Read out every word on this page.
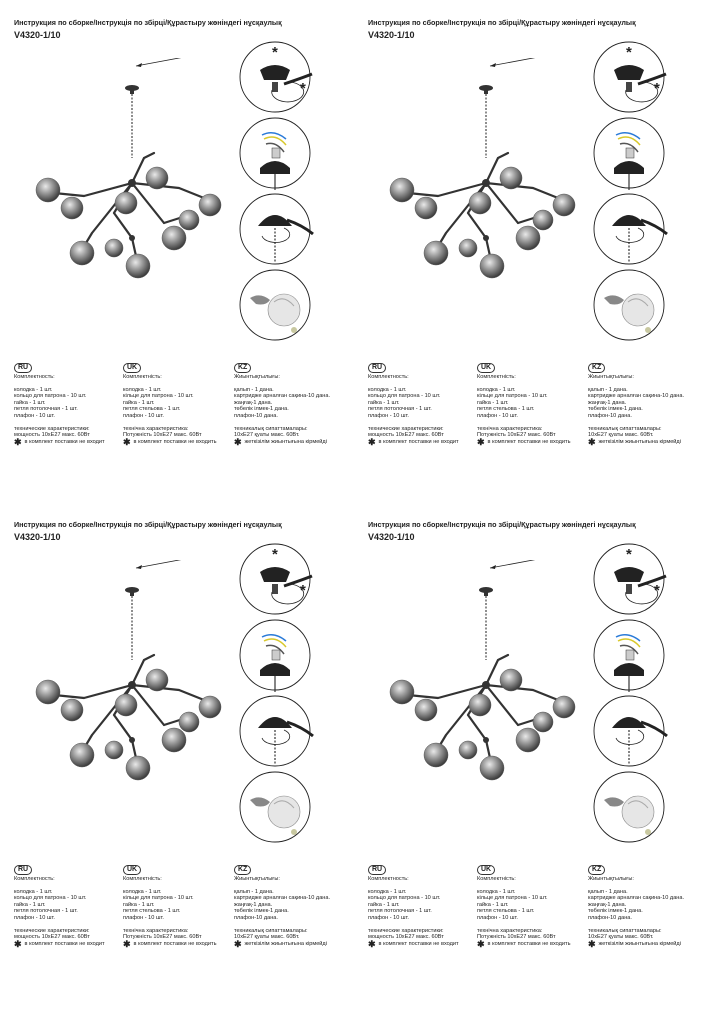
Инструкция по сборке/Інструкція по збірці/Құрастыру жөніндегі нұсқаулық
V4320-1/10
*
*
RU
Комплектность:
колодка - 1 шт.
кольцо для патрона - 10 шт.
гайка - 1 шт.
петля потолочная - 1 шт.
плафон - 10 шт.
технические характеристики:
мощность 10xE27 макс. 60Вт
✱ в комплект поставки не входит
UK
Комплектність:
колодка - 1 шт.
кільце для патрона - 10 шт.
гайка - 1 шт.
петля стельова - 1 шт.
плафон - 10 шт.
технічна характеристика:
Потужність 10xE27 макс. 60Вт
✱ в комплект поставки не входить
KZ
Жиынтықтылығы:
қалып - 1 дана.
картридже арналған сақина-10 дана.
жаңғақ-1 дана.
төбелік ілмек-1 дана.
плафон-10 дана.
техникалық сипаттамалары:
10xE27 қуаты макс. 60Вт.
✱ жеткізілім жиынтығына кірмейді
Инструкция по сборке/Інструкція по збірці/Құрастыру жөніндегі нұсқаулық
V4320-1/10
*
*
RU
Комплектность:
колодка - 1 шт.
кольцо для патрона - 10 шт.
гайка - 1 шт.
петля потолочная - 1 шт.
плафон - 10 шт.
технические характеристики:
мощность 10xE27 макс. 60Вт
✱ в комплект поставки не входит
UK
Комплектність:
колодка - 1 шт.
кільце для патрона - 10 шт.
гайка - 1 шт.
петля стельова - 1 шт.
плафон - 10 шт.
технічна характеристика:
Потужність 10xE27 макс. 60Вт
✱ в комплект поставки не входить
KZ
Жиынтықтылығы:
қалып - 1 дана.
картридже арналған сақина-10 дана.
жаңғақ-1 дана.
төбелік ілмек-1 дана.
плафон-10 дана.
техникалық сипаттамалары:
10xE27 қуаты макс. 60Вт.
✱ жеткізілім жиынтығына кірмейді
Инструкция по сборке/Інструкція по збірці/Құрастыру жөніндегі нұсқаулық
V4320-1/10
*
*
RU
Комплектность:
колодка - 1 шт.
кольцо для патрона - 10 шт.
гайка - 1 шт.
петля потолочная - 1 шт.
плафон - 10 шт.
технические характеристики:
мощность 10xE27 макс. 60Вт
✱ в комплект поставки не входит
UK
Комплектність:
колодка - 1 шт.
кільце для патрона - 10 шт.
гайка - 1 шт.
петля стельова - 1 шт.
плафон - 10 шт.
технічна характеристика:
Потужність 10xE27 макс. 60Вт
✱ в комплект поставки не входить
KZ
Жиынтықтылығы:
қалып - 1 дана.
картридже арналған сақина-10 дана.
жаңғақ-1 дана.
төбелік ілмек-1 дана.
плафон-10 дана.
техникалық сипаттамалары:
10xE27 қуаты макс. 60Вт.
✱ жеткізілім жиынтығына кірмейді
Инструкция по сборке/Інструкція по збірці/Құрастыру жөніндегі нұсқаулық
V4320-1/10
*
*
RU
Комплектность:
колодка - 1 шт.
кольцо для патрона - 10 шт.
гайка - 1 шт.
петля потолочная - 1 шт.
плафон - 10 шт.
технические характеристики:
мощность 10xE27 макс. 60Вт
✱ в комплект поставки не входит
UK
Комплектність:
колодка - 1 шт.
кільце для патрона - 10 шт.
гайка - 1 шт.
петля стельова - 1 шт.
плафон - 10 шт.
технічна характеристика:
Потужність 10xE27 макс. 60Вт
✱ в комплект поставки не входить
KZ
Жиынтықтылығы:
қалып - 1 дана.
картридже арналған сақина-10 дана.
жаңғақ-1 дана.
төбелік ілмек-1 дана.
плафон-10 дана.
техникалық сипаттамалары:
10xE27 қуаты макс. 60Вт.
✱ жеткізілім жиынтығына кірмейді
